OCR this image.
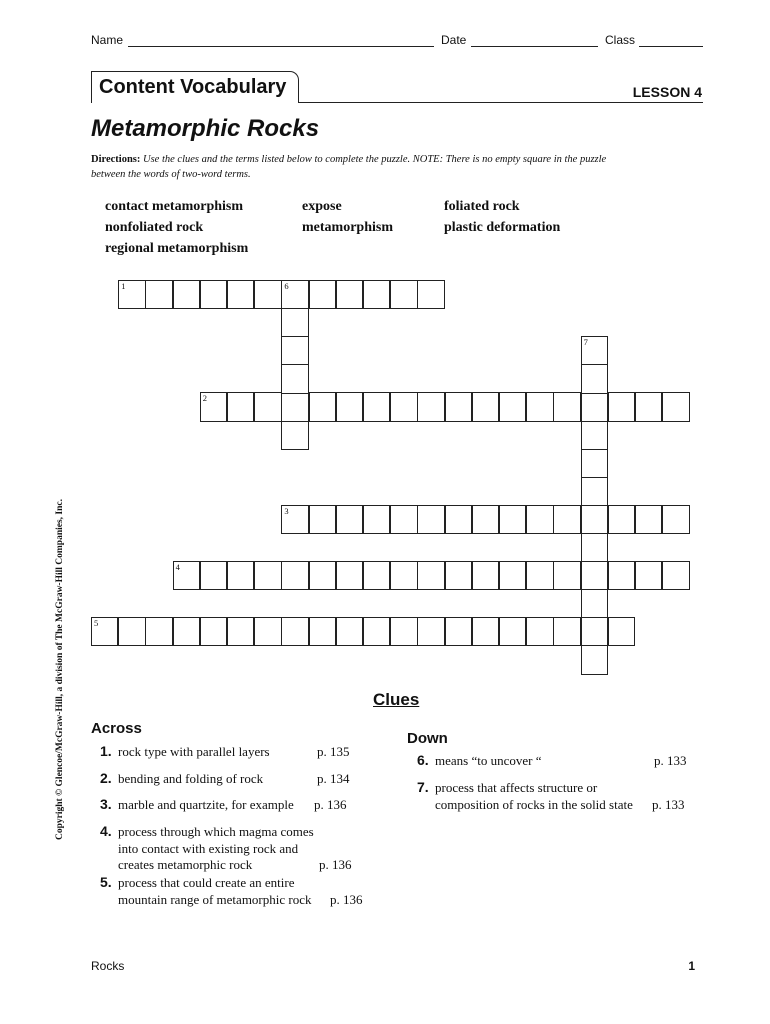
Name	Date	Class
Content Vocabulary	LESSON 4
Metamorphic Rocks
Directions: Use the clues and the terms listed below to complete the puzzle. NOTE: There is no empty square in the puzzle between the words of two-word terms.
contact metamorphism	expose	foliated rock
nonfoliated rock	metamorphism	plastic deformation
regional metamorphism
1	6
2
3
4
5
7
Clues
Across
Down
1. rock type with parallel layers	p. 135
2. bending and folding of rock	p. 134
3. marble and quartzite, for example p. 136
4. process through which magma comes
into contact with existing rock and
creates metamorphic rock	p. 136
5. process that could create an entire
mountain range of metamorphic rock p. 136
6. means “to uncover “	p. 133
7. process that affects structure or
composition of rocks in the solid state p. 133
Copyright © Glencoe/McGraw-Hill, a division of The McGraw-Hill Companies, Inc.
Rocks	1
